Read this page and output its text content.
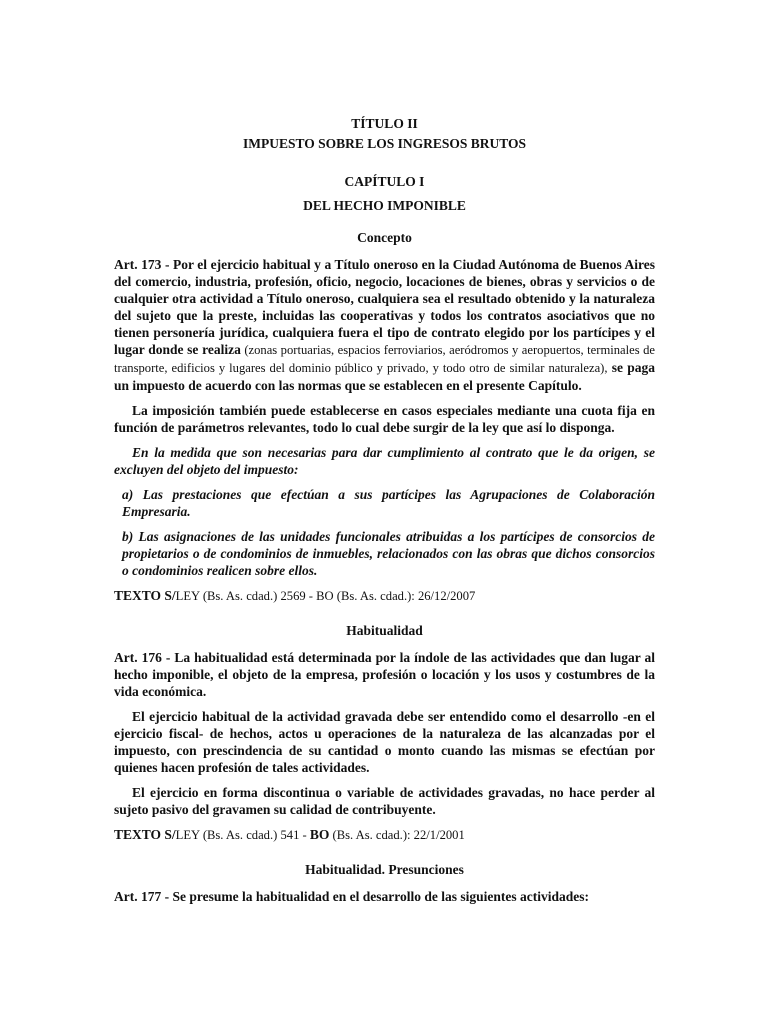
TÍTULO II
IMPUESTO SOBRE LOS INGRESOS BRUTOS
CAPÍTULO I
DEL HECHO IMPONIBLE
Concepto

Art. 173 - Por el ejercicio habitual y a Título oneroso en la Ciudad Autónoma de Buenos Aires del comercio, industria, profesión, oficio, negocio, locaciones de bienes, obras y servicios o de cualquier otra actividad a Título oneroso, cualquiera sea el resultado obtenido y la naturaleza del sujeto que la preste, incluidas las cooperativas y todos los contratos asociativos que no tienen personería jurídica, cualquiera fuera el tipo de contrato elegido por los partícipes y el lugar donde se realiza (zonas portuarias, espacios ferroviarios, aeródromos y aeropuertos, terminales de transporte, edificios y lugares del dominio público y privado, y todo otro de similar naturaleza), se paga un impuesto de acuerdo con las normas que se establecen en el presente Capítulo.

La imposición también puede establecerse en casos especiales mediante una cuota fija en función de parámetros relevantes, todo lo cual debe surgir de la ley que así lo disponga.

En la medida que son necesarias para dar cumplimiento al contrato que le da origen, se excluyen del objeto del impuesto:

a) Las prestaciones que efectúan a sus partícipes las Agrupaciones de Colaboración Empresaria.

b) Las asignaciones de las unidades funcionales atribuidas a los partícipes de consorcios de propietarios o de condominios de inmuebles, relacionados con las obras que dichos consorcios o condominios realicen sobre ellos.

TEXTO S/LEY (Bs. As. cdad.) 2569 - BO (Bs. As. cdad.): 26/12/2007

Habitualidad

Art. 176 - La habitualidad está determinada por la índole de las actividades que dan lugar al hecho imponible, el objeto de la empresa, profesión o locación y los usos y costumbres de la vida económica.

El ejercicio habitual de la actividad gravada debe ser entendido como el desarrollo -en el ejercicio fiscal- de hechos, actos u operaciones de la naturaleza de las alcanzadas por el impuesto, con prescindencia de su cantidad o monto cuando las mismas se efectúan por quienes hacen profesión de tales actividades.

El ejercicio en forma discontinua o variable de actividades gravadas, no hace perder al sujeto pasivo del gravamen su calidad de contribuyente.

TEXTO S/LEY (Bs. As. cdad.) 541 - BO (Bs. As. cdad.): 22/1/2001

Habitualidad. Presunciones

Art. 177 - Se presume la habitualidad en el desarrollo de las siguientes actividades:
